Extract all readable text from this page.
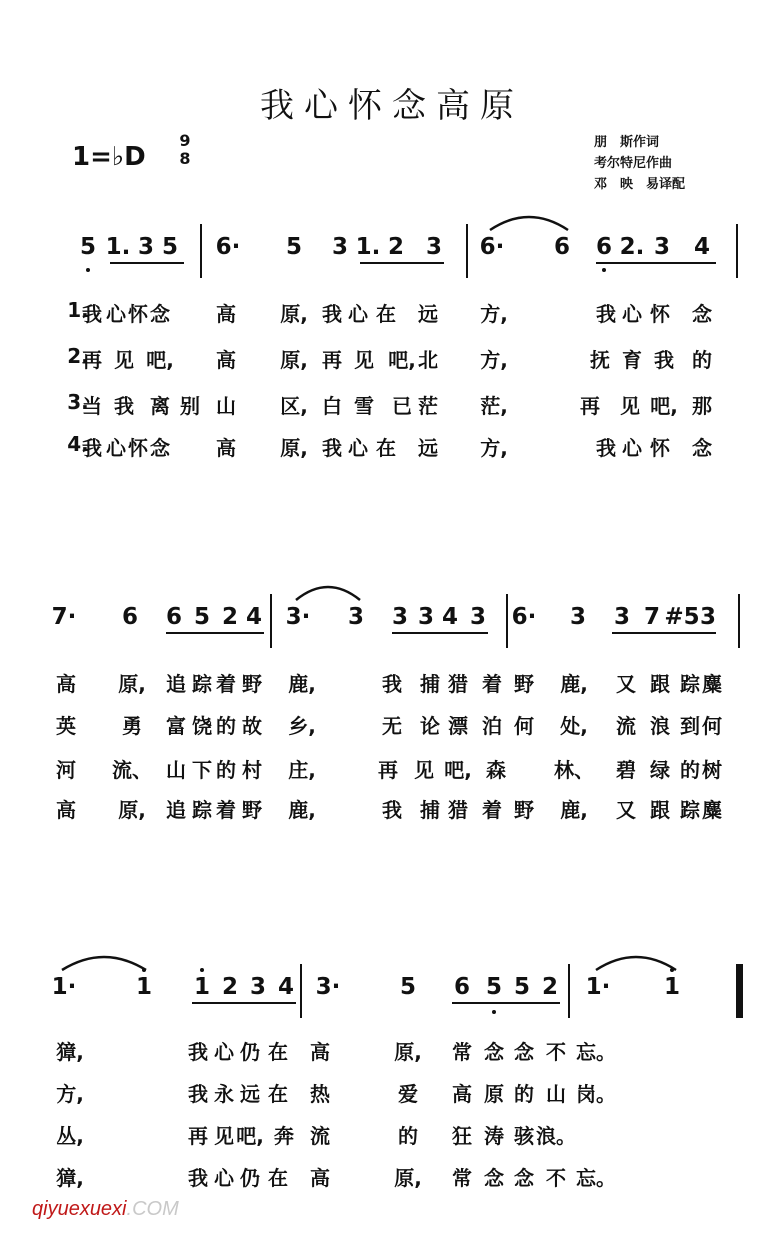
我心怀念高原
1=♭D
9
8
朋　斯作词
考尔特尼作曲
邓　映　易译配
5 1. 3 5 6· 5 3 1. 2 3 6· 6 6 2. 3 4
1.
我 心 怀 念 高 原, 我 心 在 远 方,	我 心 怀 念
2.
再 见 吧, 高 原, 再 见 吧, 北 方,	抚 育 我 的
3.
当 我 离 别 山 区, 白 雪 已 茫 茫,	再 见 吧, 那
4.
我 心 怀 念 高 原, 我 心 在 远 方,	我 心 怀 念
7· 6 6 5 2 4 3· 3 3 3 4 3 6· 3 3 7 #5 3
高 原, 追 踪 着 野 鹿,	我 捕 猎 着 野 鹿, 又 跟 踪 麋
英 勇 富 饶 的 故 乡,	无 论 漂 泊 何 处, 流 浪 到 何
河 流、 山 下 的 村 庄,	再 见 吧, 森 林、 碧 绿 的 树
高 原, 追 踪 着 野 鹿,	我 捕 猎 着 野 鹿, 又 跟 踪 麋
1·	1 1 2 3 4 3·	5 6 5 5 2 1· 1
獐,	我 心 仍 在 高	原, 常 念 念 不 忘。
方,	我 永 远 在 热	爱 高 原 的 山 岗。
丛,	再 见 吧, 奔 流	的 狂 涛 骇 浪。
獐,	我 心 仍 在 高	原, 常 念 念 不 忘。
qiyuexuexi.COM
